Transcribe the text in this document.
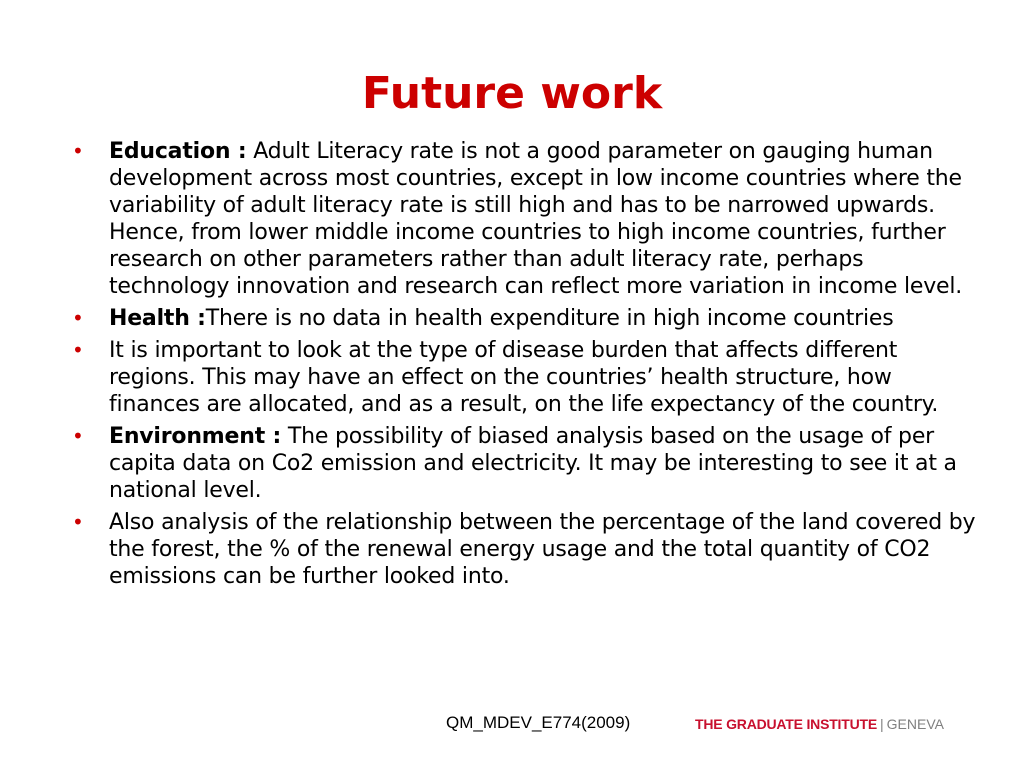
Future work
• Education : Adult Literacy rate is not a good parameter on gauging human development across most countries, except in low income countries where the variability of adult literacy rate is still high and has to be narrowed upwards. Hence, from lower middle income countries to high income countries, further research on other parameters rather than adult literacy rate, perhaps technology innovation and research can reflect more variation in income level.
• Health :There is no data in health expenditure in high income countries
• It is important to look at the type of disease burden that affects different regions. This may have an effect on the countries’ health structure, how finances are allocated, and as a result, on the life expectancy of the country.
• Environment : The possibility of biased analysis based on the usage of per capita data on Co2 emission and electricity. It may be interesting to see it at a national level.
• Also analysis of the relationship between the percentage of the land covered by the forest, the % of the renewal energy usage and the total quantity of CO2 emissions can be further looked into.
QM_MDEV_E774(2009)	THE GRADUATE INSTITUTE | GENEVA
